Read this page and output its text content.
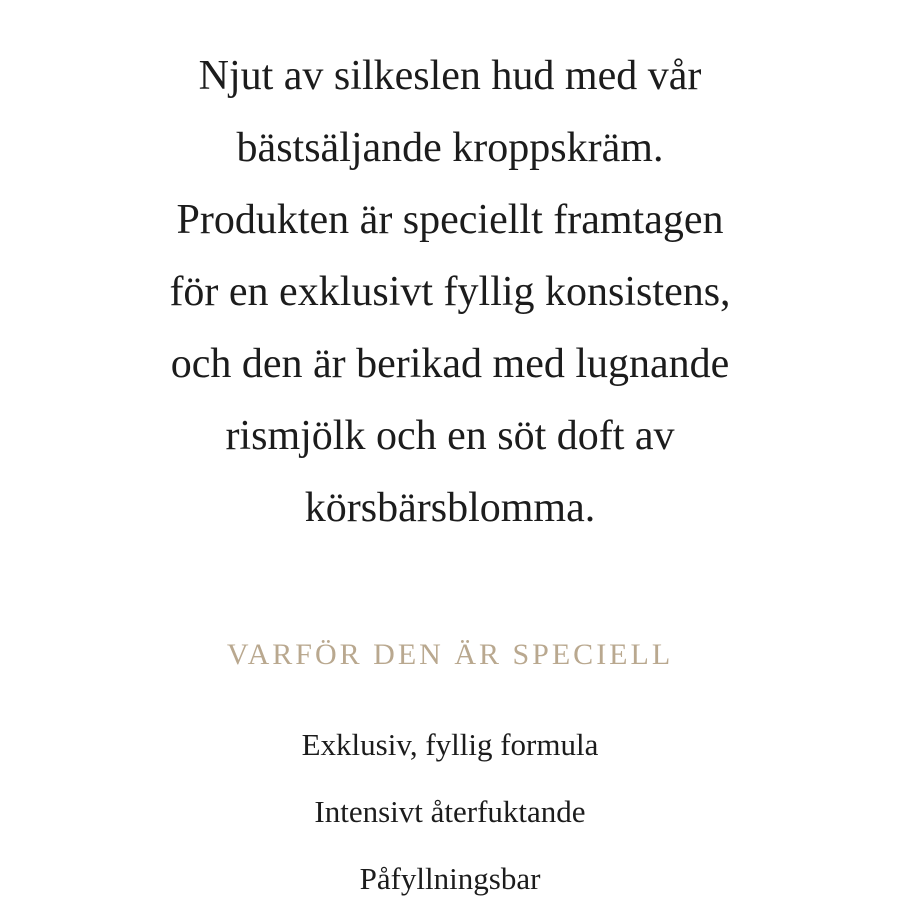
Njut av silkeslen hud med vår
bästsäljande kroppskräm.
Produkten är speciellt framtagen
för en exklusivt fyllig konsistens,
och den är berikad med lugnande
rismjölk och en söt doft av
körsbärsblomma.

VARFÖR DEN ÄR SPECIELL
Exklusiv, fyllig formula
Intensivt återfuktande
Påfyllningsbar
